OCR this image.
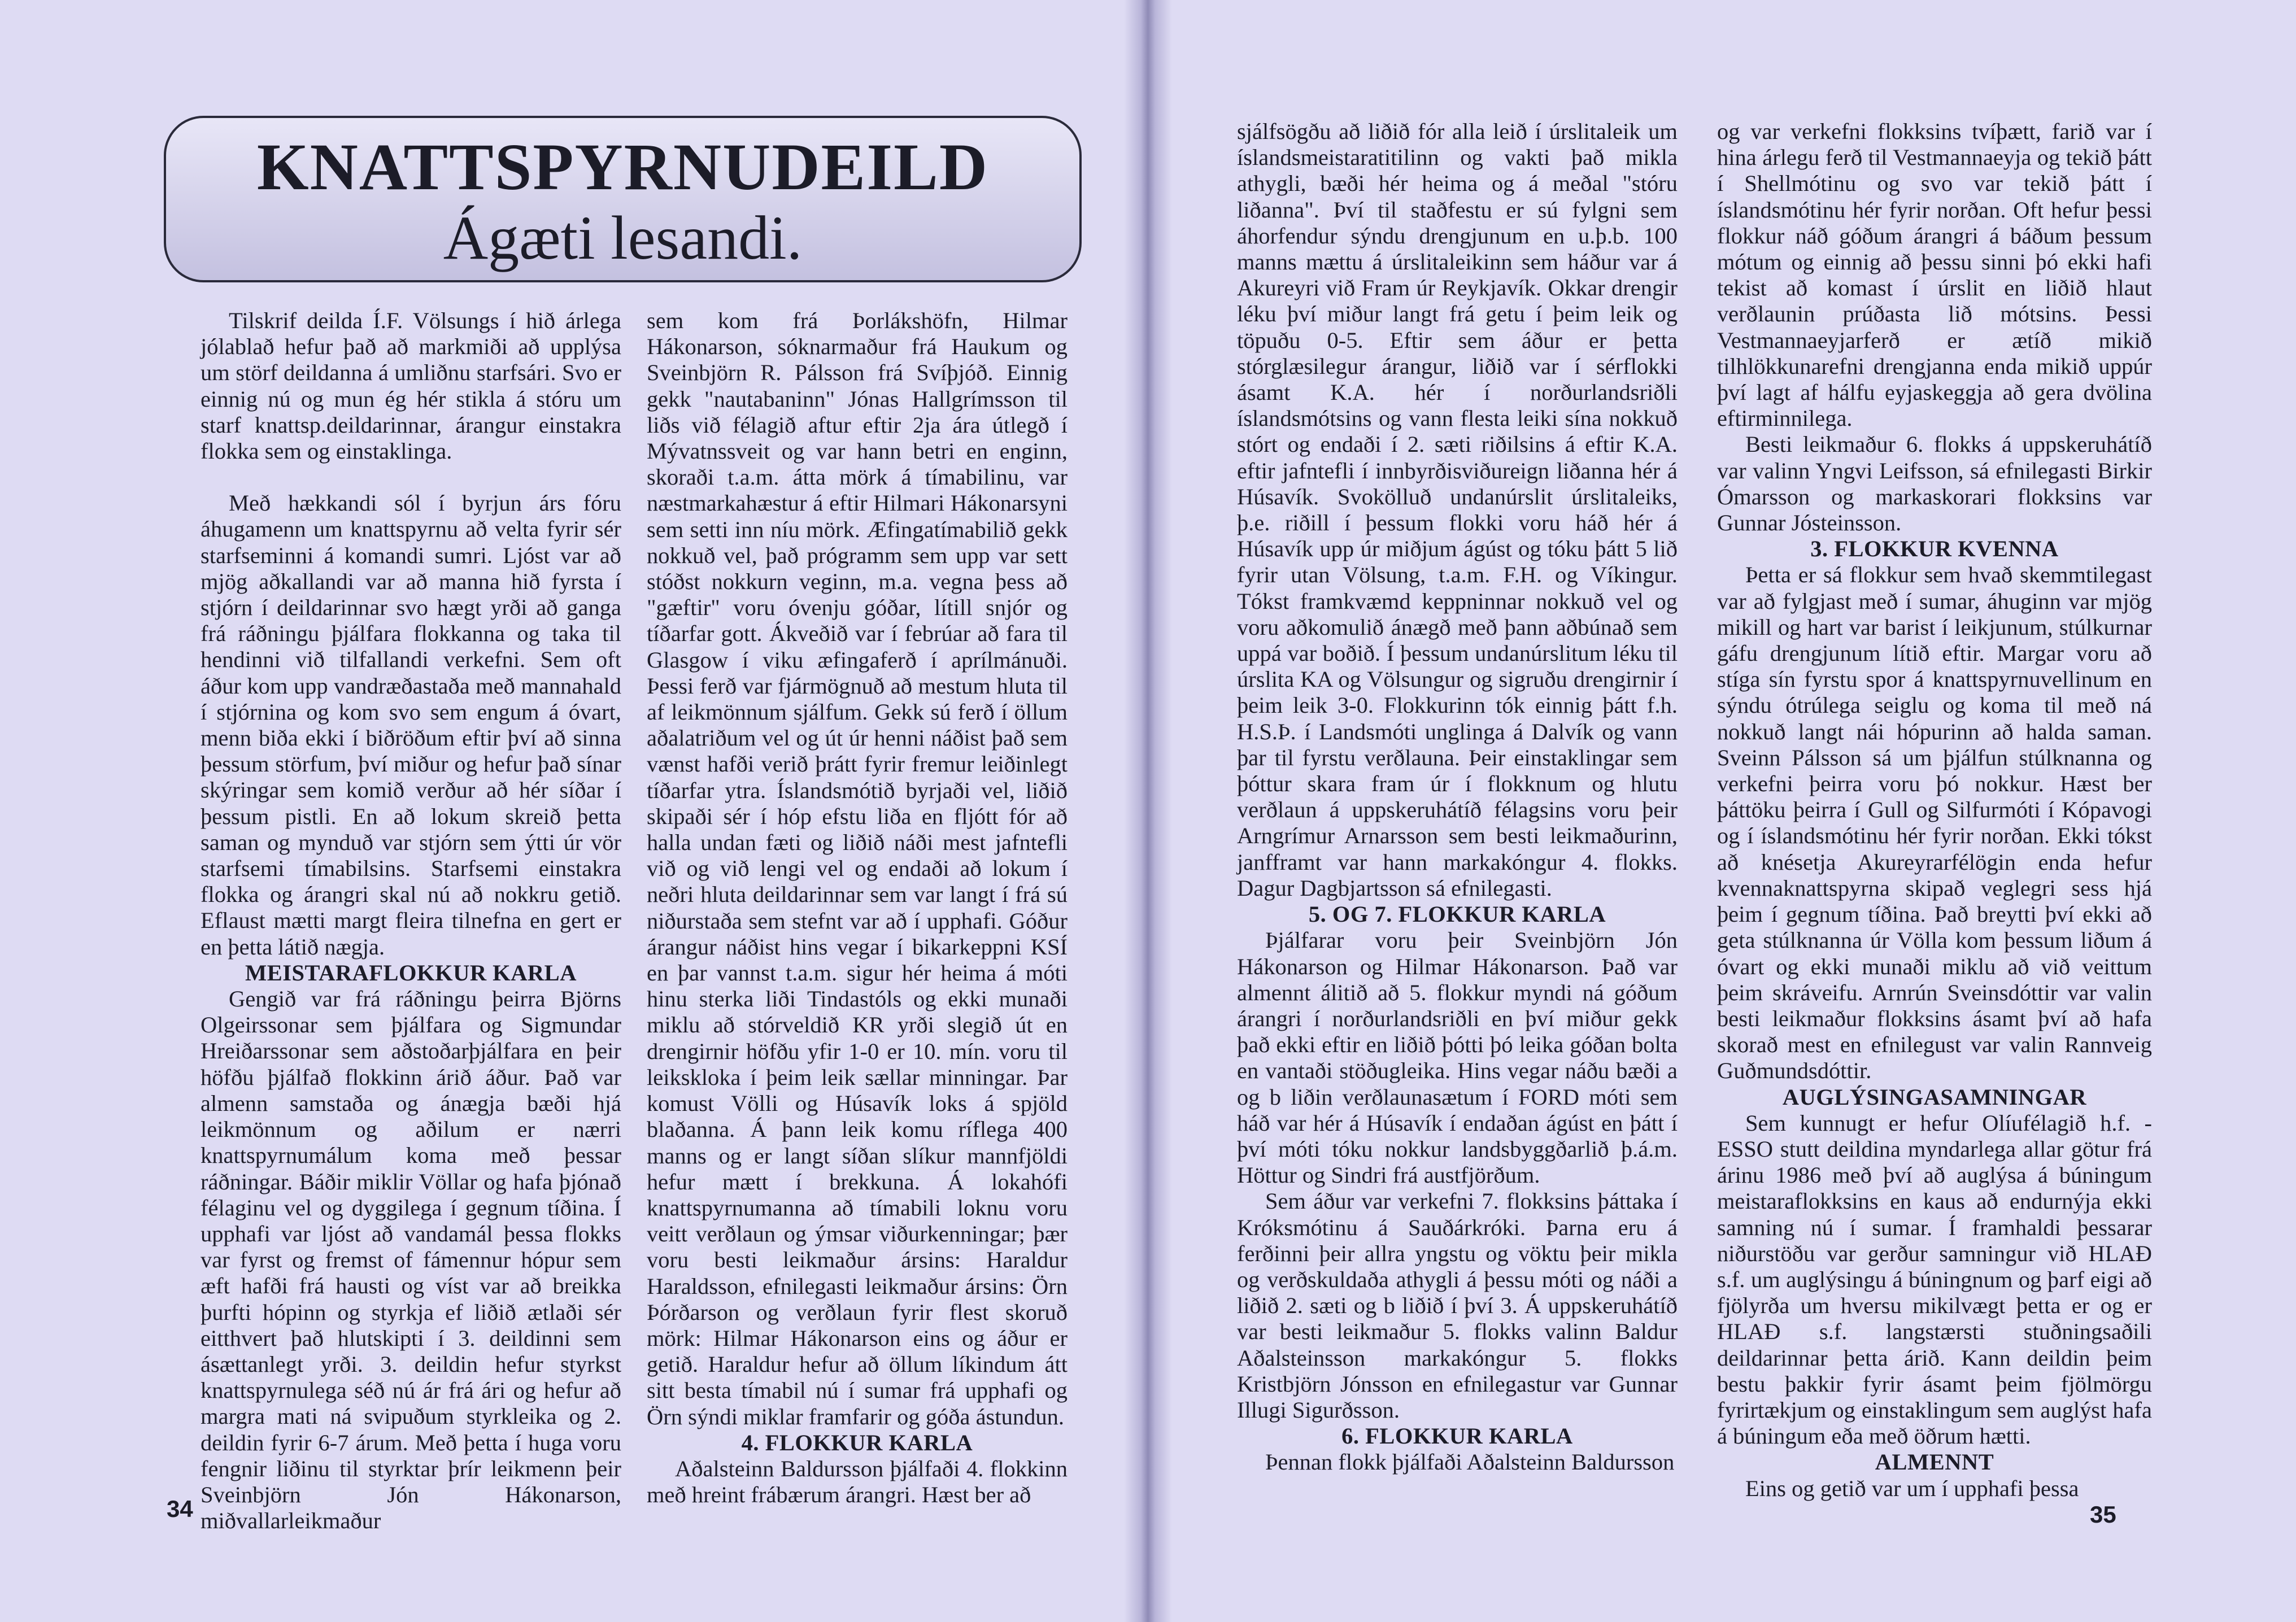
KNATTSPYRNUDEILD
Ágæti lesandi.

Tilskrif deilda Í.F. Völsungs í hið árlega jólablað hefur það að markmiði að upplýsa um störf deildanna á umliðnu starfsári. Svo er einnig nú og mun ég hér stikla á stóru um starf knattsp.deildarinnar, árangur einstakra flokka sem og einstaklinga.

Með hækkandi sól í byrjun árs fóru áhugamenn um knattspyrnu að velta fyrir sér starfseminni á komandi sumri. Ljóst var að mjög aðkallandi var að manna hið fyrsta í stjórn í deildarinnar svo hægt yrði að ganga frá ráðningu þjálfara flokkanna og taka til hendinni við tilfallandi verkefni. Sem oft áður kom upp vandræðastaða með mannahald í stjórnina og kom svo sem engum á óvart, menn biða ekki í biðröðum eftir því að sinna þessum störfum, því miður og hefur það sínar skýringar sem komið verður að hér síðar í þessum pistli. En að lokum skreið þetta saman og mynduð var stjórn sem ýtti úr vör starfsemi tímabilsins. Starfsemi einstakra flokka og árangri skal nú að nokkru getið. Eflaust mætti margt fleira tilnefna en gert er en þetta látið nægja.

MEISTARAFLOKKUR KARLA

Gengið var frá ráðningu þeirra Björns Olgeirssonar sem þjálfara og Sigmundar Hreiðarssonar sem aðstoðarþjálfara en þeir höfðu þjálfað flokkinn árið áður. Það var almenn samstaða og ánægja bæði hjá leikmönnum og aðilum er nærri knattspyrnumálum koma með þessar ráðningar. Báðir miklir Völlar og hafa þjónað félaginu vel og dyggilega í gegnum tíðina. Í upphafi var ljóst að vandamál þessa flokks var fyrst og fremst of fámennur hópur sem æft hafði frá hausti og víst var að breikka þurfti hópinn og styrkja ef liðið ætlaði sér eitthvert það hlutskipti í 3. deildinni sem ásættanlegt yrði. 3. deildin hefur styrkst knattspyrnulega séð nú ár frá ári og hefur að margra mati ná svipuðum styrkleika og 2. deildin fyrir 6-7 árum. Með þetta í huga voru fengnir liðinu til styrktar þrír leikmenn þeir Sveinbjörn Jón Hákonarson, miðvallarleikmaður

sem kom frá Þorlákshöfn, Hilmar Hákonarson, sóknarmaður frá Haukum og Sveinbjörn R. Pálsson frá Svíþjóð. Einnig gekk "nautabaninn" Jónas Hallgrímsson til liðs við félagið aftur eftir 2ja ára útlegð í Mývatnssveit og var hann betri en enginn, skoraði t.a.m. átta mörk á tímabilinu, var næstmarkahæstur á eftir Hilmari Hákonarsyni sem setti inn níu mörk. Æfingatímabilið gekk nokkuð vel, það prógramm sem upp var sett stóðst nokkurn veginn, m.a. vegna þess að "gæftir" voru óvenju góðar, lítill snjór og tíðarfar gott. Ákveðið var í febrúar að fara til Glasgow í viku æfingaferð í aprílmánuði. Þessi ferð var fjármögnuð að mestum hluta til af leikmönnum sjálfum. Gekk sú ferð í öllum aðalatriðum vel og út úr henni náðist það sem vænst hafði verið þrátt fyrir fremur leiðinlegt tíðarfar ytra. Íslandsmótið byrjaði vel, liðið skipaði sér í hóp efstu liða en fljótt fór að halla undan fæti og liðið náði mest jafntefli við og við lengi vel og endaði að lokum í neðri hluta deildarinnar sem var langt í frá sú niðurstaða sem stefnt var að í upphafi. Góður árangur náðist hins vegar í bikarkeppni KSÍ en þar vannst t.a.m. sigur hér heima á móti hinu sterka liði Tindastóls og ekki munaði miklu að stórveldið KR yrði slegið út en drengirnir höfðu yfir 1-0 er 10. mín. voru til leikskloka í þeim leik sællar minningar. Þar komust Völli og Húsavík loks á spjöld blaðanna. Á þann leik komu ríflega 400 manns og er langt síðan slíkur mannfjöldi hefur mætt í brekkuna. Á lokahófi knattspyrnumanna að tímabili loknu voru veitt verðlaun og ýmsar viðurkenningar; þær voru besti leikmaður ársins: Haraldur Haraldsson, efnilegasti leikmaður ársins: Örn Þórðarson og verðlaun fyrir flest skoruð mörk: Hilmar Hákonarson eins og áður er getið. Haraldur hefur að öllum líkindum átt sitt besta tímabil nú í sumar frá upphafi og Örn sýndi miklar framfarir og góða ástundun.

4. FLOKKUR KARLA

Aðalsteinn Baldursson þjálfaði 4. flokkinn með hreint frábærum árangri. Hæst ber að

sjálfsögðu að liðið fór alla leið í úrslitaleik um íslandsmeistaratitilinn og vakti það mikla athygli, bæði hér heima og á meðal "stóru liðanna". Því til staðfestu er sú fylgni sem áhorfendur sýndu drengjunum en u.þ.b. 100 manns mættu á úrslitaleikinn sem háður var á Akureyri við Fram úr Reykjavík. Okkar drengir léku því miður langt frá getu í þeim leik og töpuðu 0-5. Eftir sem áður er þetta stórglæsilegur árangur, liðið var í sérflokki ásamt K.A. hér í norðurlandsriðli íslandsmótsins og vann flesta leiki sína nokkuð stórt og endaði í 2. sæti riðilsins á eftir K.A. eftir jafntefli í innbyrðisviðureign liðanna hér á Húsavík. Svokölluð undanúrslit úrslitaleiks, þ.e. riðill í þessum flokki voru háð hér á Húsavík upp úr miðjum ágúst og tóku þátt 5 lið fyrir utan Völsung, t.a.m. F.H. og Víkingur. Tókst framkvæmd keppninnar nokkuð vel og voru aðkomulið ánægð með þann aðbúnað sem uppá var boðið. Í þessum undanúrslitum léku til úrslita KA og Völsungur og sigruðu drengirnir í þeim leik 3-0. Flokkurinn tók einnig þátt f.h. H.S.Þ. í Landsmóti unglinga á Dalvík og vann þar til fyrstu verðlauna. Þeir einstaklingar sem þóttur skara fram úr í flokknum og hlutu verðlaun á uppskeruhátíð félagsins voru þeir Arngrímur Arnarsson sem besti leikmaðurinn, janfframt var hann markakóngur 4. flokks. Dagur Dagbjartsson sá efnilegasti.

5. OG 7. FLOKKUR KARLA

Þjálfarar voru þeir Sveinbjörn Jón Hákonarson og Hilmar Hákonarson. Það var almennt álitið að 5. flokkur myndi ná góðum árangri í norðurlandsriðli en því miður gekk það ekki eftir en liðið þótti þó leika góðan bolta en vantaði stöðugleika. Hins vegar náðu bæði a og b liðin verðlaunasætum í FORD móti sem háð var hér á Húsavík í endaðan ágúst en þátt í því móti tóku nokkur landsbyggðarlið þ.á.m. Höttur og Sindri frá austfjörðum.

Sem áður var verkefni 7. flokksins þáttaka í Króksmótinu á Sauðárkróki. Þarna eru á ferðinni þeir allra yngstu og vöktu þeir mikla og verðskuldaða athygli á þessu móti og náði a liðið 2. sæti og b liðið í því 3. Á uppskeruhátíð var besti leikmaður 5. flokks valinn Baldur Aðalsteinsson markakóngur 5. flokks Kristbjörn Jónsson en efnilegastur var Gunnar Illugi Sigurðsson.

6. FLOKKUR KARLA

Þennan flokk þjálfaði Aðalsteinn Baldursson

og var verkefni flokksins tvíþætt, farið var í hina árlegu ferð til Vestmannaeyja og tekið þátt í Shellmótinu og svo var tekið þátt í íslandsmótinu hér fyrir norðan. Oft hefur þessi flokkur náð góðum árangri á báðum þessum mótum og einnig að þessu sinni þó ekki hafi tekist að komast í úrslit en liðið hlaut verðlaunin prúðasta lið mótsins. Þessi Vestmannaeyjarferð er ætíð mikið tilhlökkunarefni drengjanna enda mikið uppúr því lagt af hálfu eyjaskeggja að gera dvölina eftirminnilega.

Besti leikmaður 6. flokks á uppskeruhátíð var valinn Yngvi Leifsson, sá efnilegasti Birkir Ómarsson og markaskorari flokksins var Gunnar Jósteinsson.

3. FLOKKUR KVENNA

Þetta er sá flokkur sem hvað skemmtilegast var að fylgjast með í sumar, áhuginn var mjög mikill og hart var barist í leikjunum, stúlkurnar gáfu drengjunum lítið eftir. Margar voru að stíga sín fyrstu spor á knattspyrnuvellinum en sýndu ótrúlega seiglu og koma til með ná nokkuð langt nái hópurinn að halda saman. Sveinn Pálsson sá um þjálfun stúlknanna og verkefni þeirra voru þó nokkur. Hæst ber þáttöku þeirra í Gull og Silfurmóti í Kópavogi og í íslandsmótinu hér fyrir norðan. Ekki tókst að knésetja Akureyrarfélögin enda hefur kvennaknattspyrna skipað veglegri sess hjá þeim í gegnum tíðina. Það breytti því ekki að geta stúlknanna úr Völla kom þessum liðum á óvart og ekki munaði miklu að við veittum þeim skráveifu. Arnrún Sveinsdóttir var valin besti leikmaður flokksins ásamt því að hafa skorað mest en efnilegust var valin Rannveig Guðmundsdóttir.

AUGLÝSINGASAMNINGAR

Sem kunnugt er hefur Olíufélagið h.f. - ESSO stutt deildina myndarlega allar götur frá árinu 1986 með því að auglýsa á búningum meistaraflokksins en kaus að endurnýja ekki samning nú í sumar. Í framhaldi þessarar niðurstöðu var gerður samningur við HLAÐ s.f. um auglýsingu á búningnum og þarf eigi að fjölyrða um hversu mikilvægt þetta er og er HLAÐ s.f. langstærsti stuðningsaðili deildarinnar þetta árið. Kann deildin þeim bestu þakkir fyrir ásamt þeim fjölmörgu fyrirtækjum og einstaklingum sem auglýst hafa á búningum eða með öðrum hætti.

ALMENNT

Eins og getið var um í upphafi þessa

34	35
